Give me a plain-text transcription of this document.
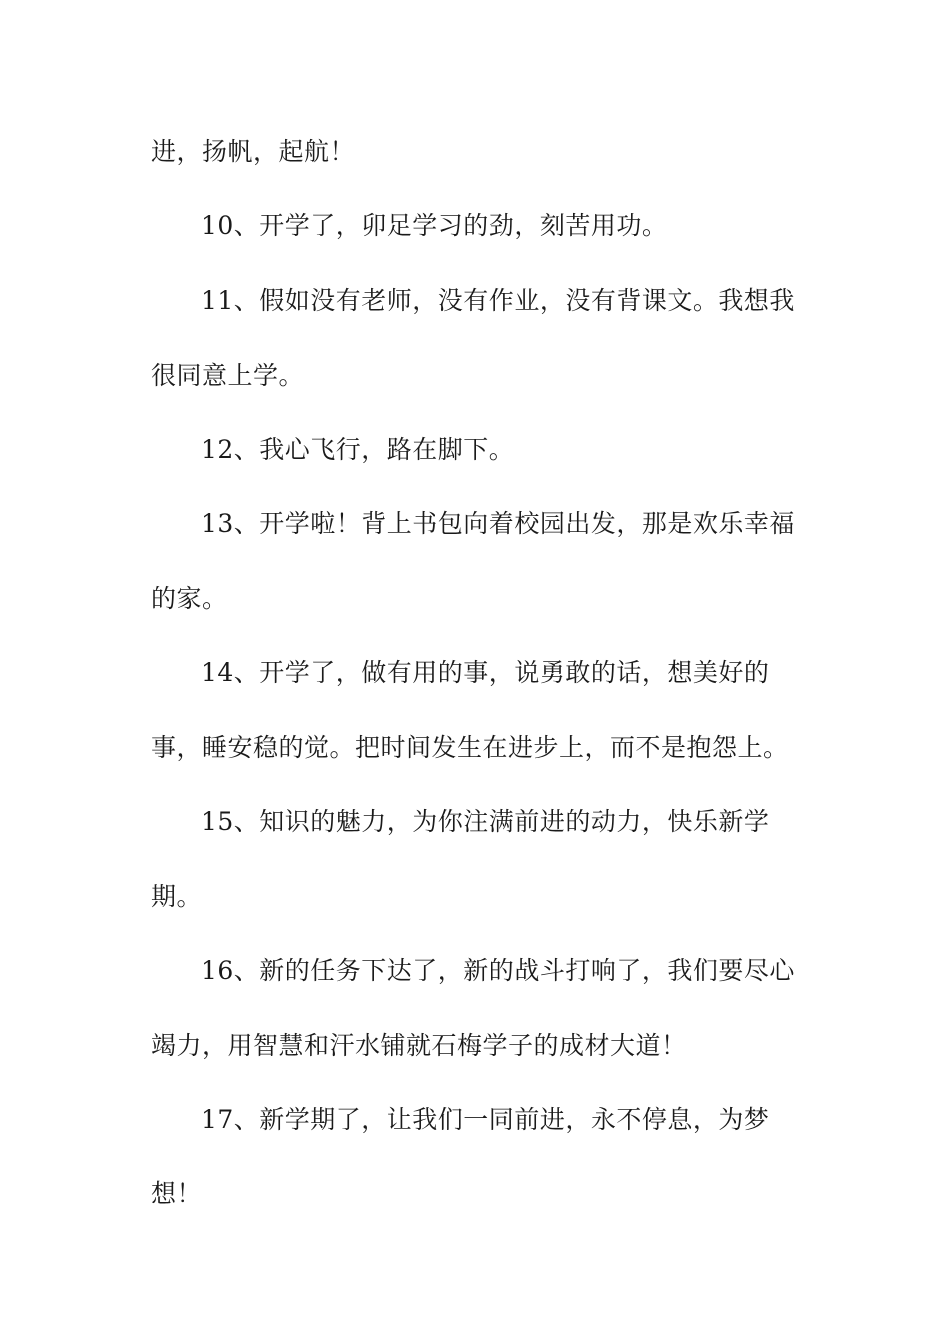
进，扬帆，起航！
10、开学了，卯足学习的劲，刻苦用功。
11、假如没有老师，没有作业，没有背课文。我想我
很同意上学。
12、我心飞行，路在脚下。
13、开学啦！背上书包向着校园出发，那是欢乐幸福
的家。
14、开学了，做有用的事，说勇敢的话，想美好的
事，睡安稳的觉。把时间发生在进步上，而不是抱怨上。
15、知识的魅力，为你注满前进的动力，快乐新学
期。
16、新的任务下达了，新的战斗打响了，我们要尽心
竭力，用智慧和汗水铺就石梅学子的成材大道！
17、新学期了，让我们一同前进，永不停息，为梦
想！
